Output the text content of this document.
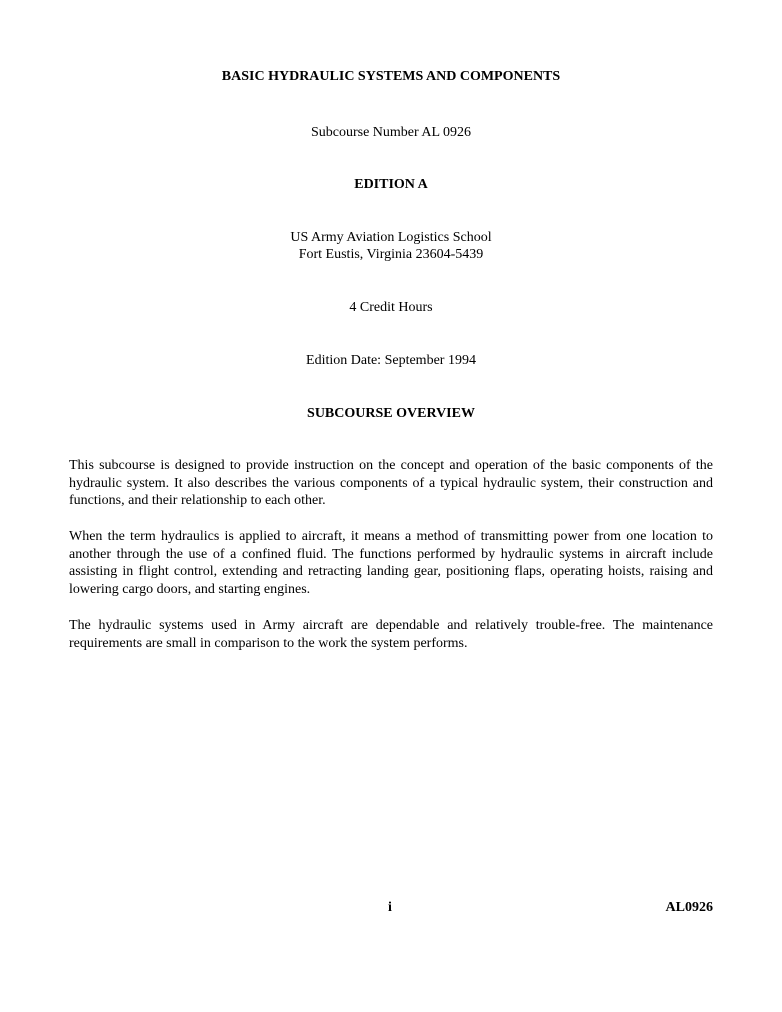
BASIC HYDRAULIC SYSTEMS AND COMPONENTS
Subcourse Number AL 0926
EDITION A
US Army Aviation Logistics School
Fort Eustis, Virginia 23604-5439
4 Credit Hours
Edition Date: September 1994
SUBCOURSE OVERVIEW

This subcourse is designed to provide instruction on the concept and operation of the basic components of the hydraulic system. It also describes the various components of a typical hydraulic system, their construction and functions, and their relationship to each other.

When the term hydraulics is applied to aircraft, it means a method of transmitting power from one location to another through the use of a confined fluid. The functions performed by hydraulic systems in aircraft include assisting in flight control, extending and retracting landing gear, positioning flaps, operating hoists, raising and lowering cargo doors, and starting engines.

The hydraulic systems used in Army aircraft are dependable and relatively trouble-free. The maintenance requirements are small in comparison to the work the system performs.

i	AL0926
